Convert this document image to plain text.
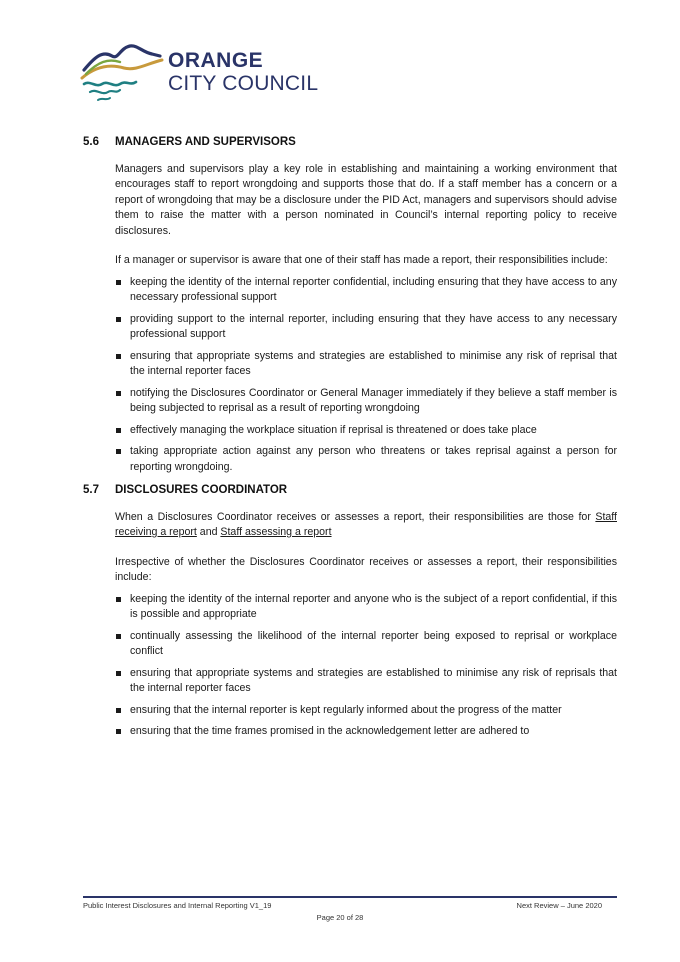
ORANGE
CITY COUNCIL
5.6	MANAGERS AND SUPERVISORS

Managers and supervisors play a key role in establishing and maintaining a working environment that encourages staff to report wrongdoing and supports those that do. If a staff member has a concern or a report of wrongdoing that may be a disclosure under the PID Act, managers and supervisors should advise them to raise the matter with a person nominated in Council’s internal reporting policy to receive disclosures.

If a manager or supervisor is aware that one of their staff has made a report, their responsibilities include:

keeping the identity of the internal reporter confidential, including ensuring that they have access to any necessary professional support
providing support to the internal reporter, including ensuring that they have access to any necessary professional support
ensuring that appropriate systems and strategies are established to minimise any risk of reprisal that the internal reporter faces
notifying the Disclosures Coordinator or General Manager immediately if they believe a staff member is being subjected to reprisal as a result of reporting wrongdoing
effectively managing the workplace situation if reprisal is threatened or does take place
taking appropriate action against any person who threatens or takes reprisal against a person for reporting wrongdoing.
5.7	DISCLOSURES COORDINATOR

When a Disclosures Coordinator receives or assesses a report, their responsibilities are those for Staff receiving a report and Staff assessing a report

Irrespective of whether the Disclosures Coordinator receives or assesses a report, their responsibilities include:

keeping the identity of the internal reporter and anyone who is the subject of a report confidential, if this is possible and appropriate
continually assessing the likelihood of the internal reporter being exposed to reprisal or workplace conflict
ensuring that appropriate systems and strategies are established to minimise any risk of reprisals that the internal reporter faces
ensuring that the internal reporter is kept regularly informed about the progress of the matter
ensuring that the time frames promised in the acknowledgement letter are adhered to
Public Interest Disclosures and Internal Reporting V1_19	Next Review – June 2020
Page 20 of 28
